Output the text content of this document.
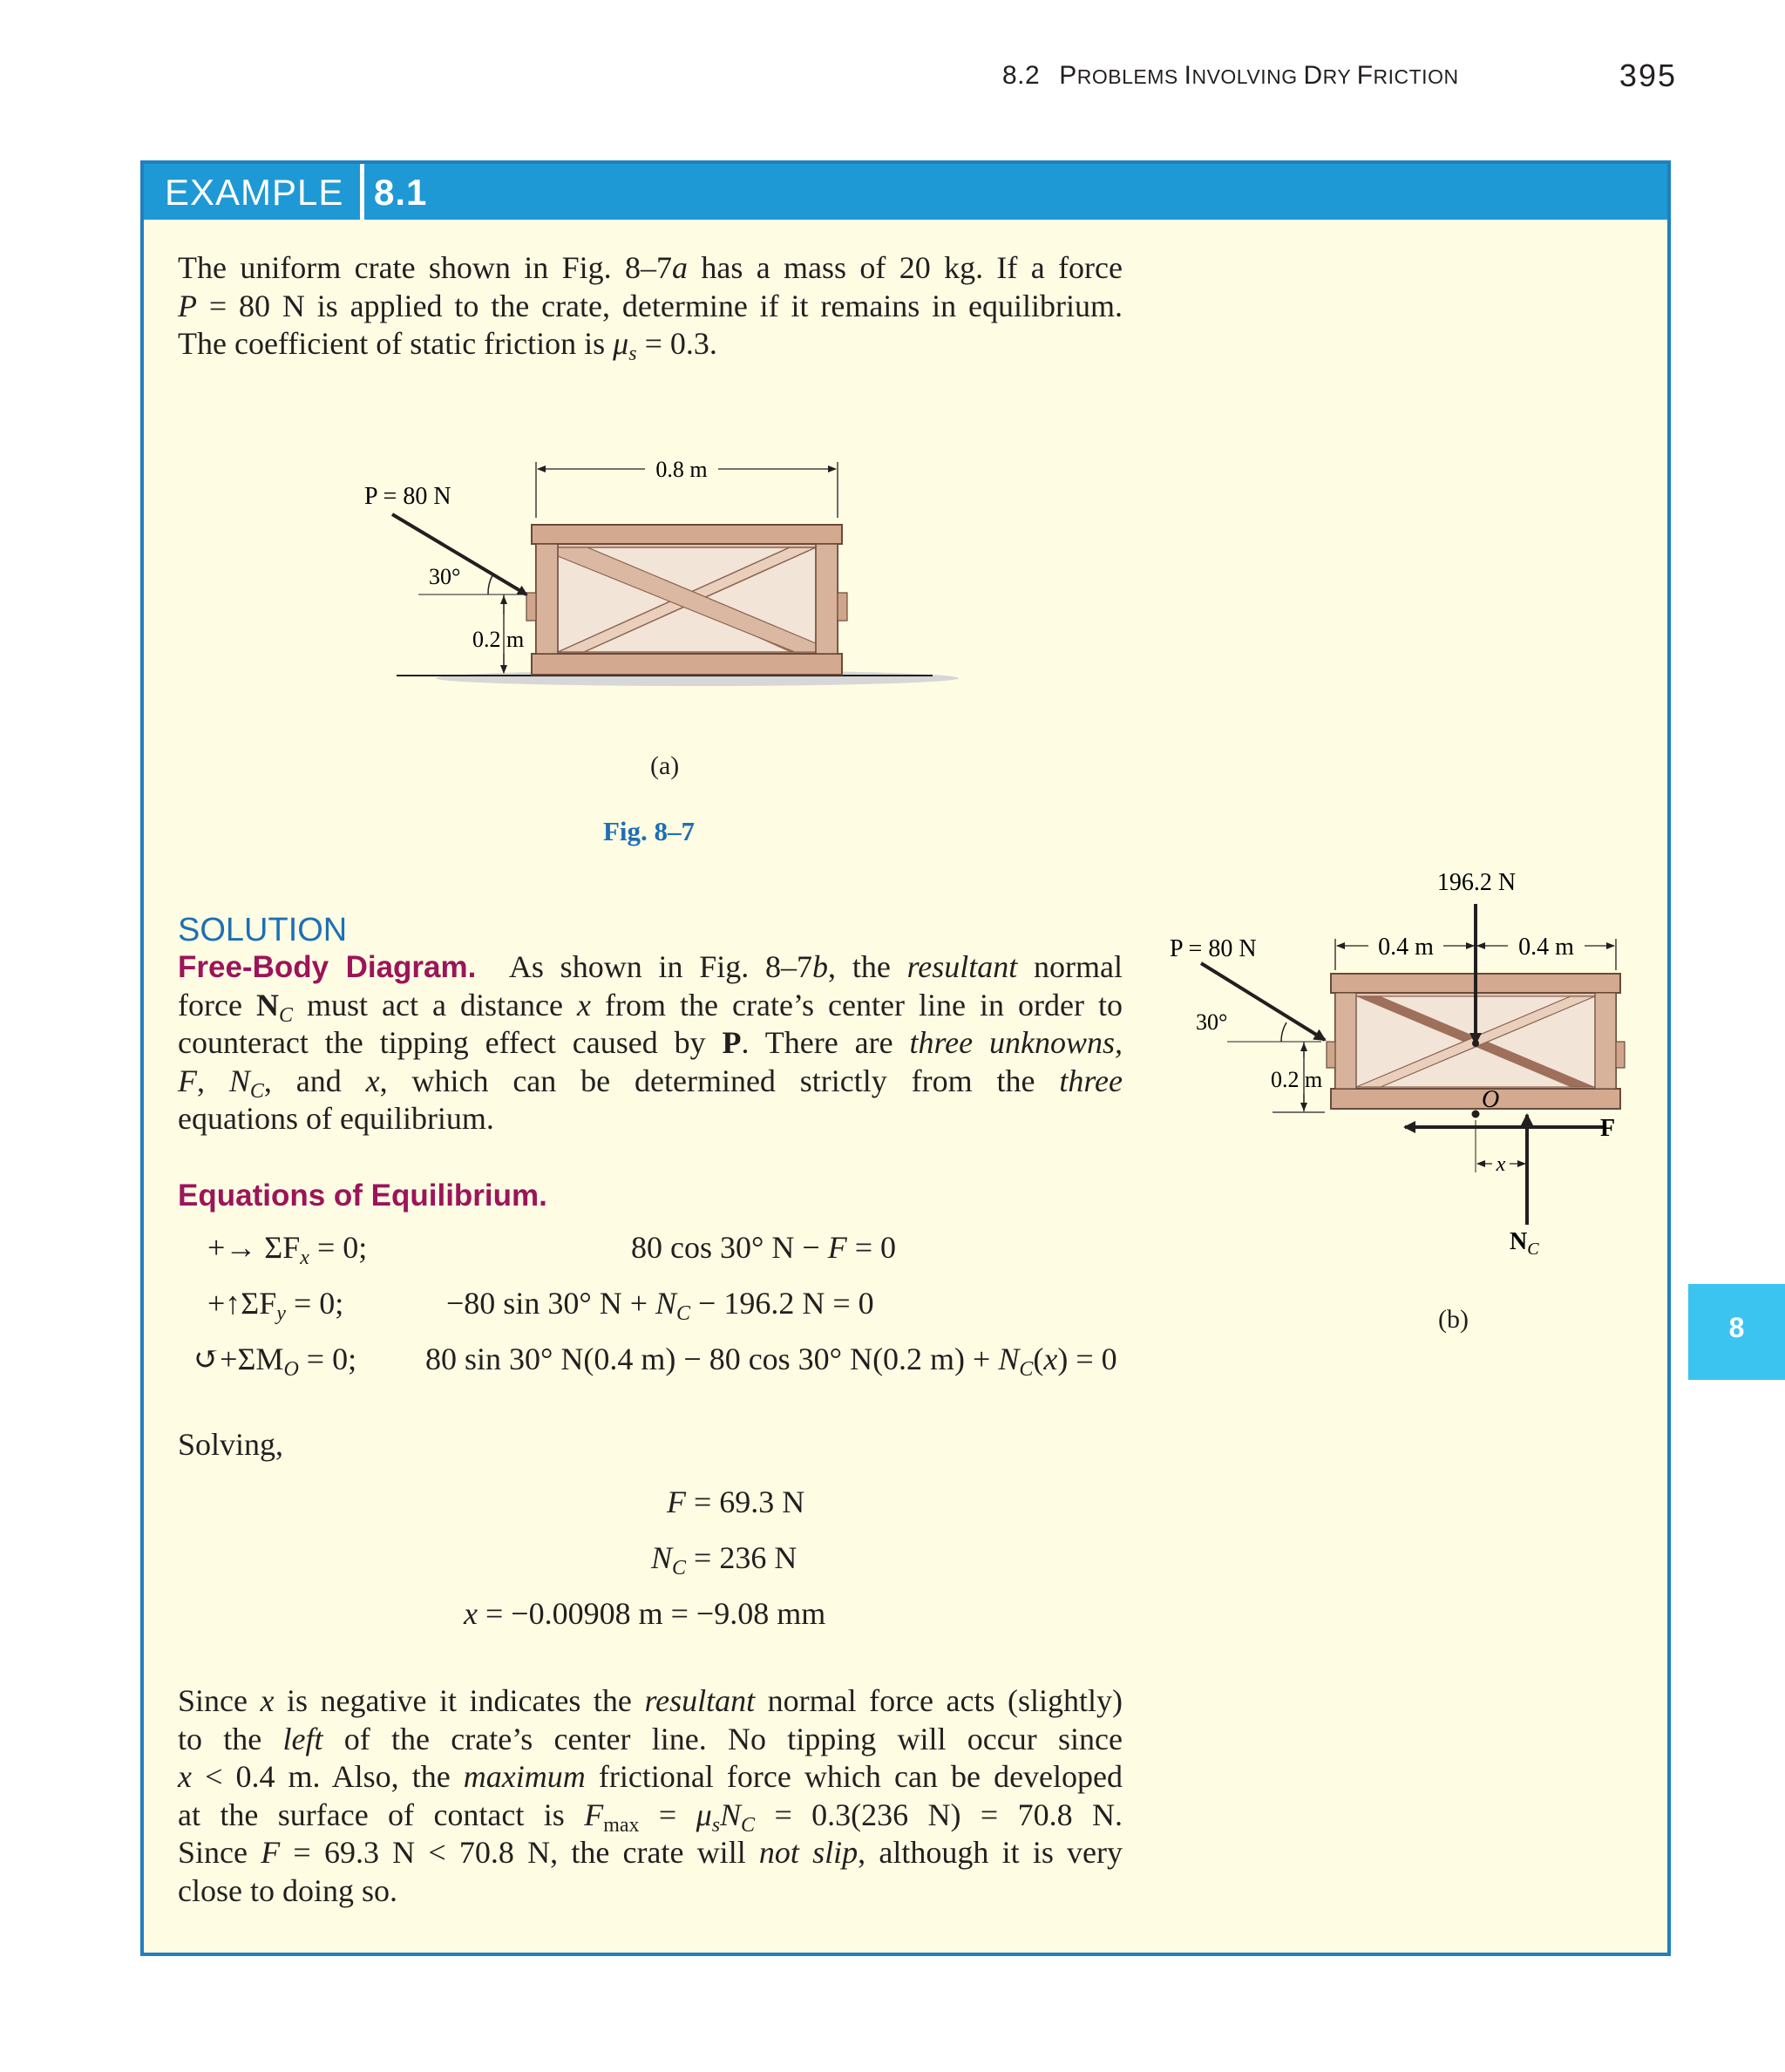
8.2 PROBLEMS INVOLVING DRY FRICTION	395
EXAMPLE 8.1
The uniform crate shown in Fig. 8–7a has a mass of 20 kg. If a force
P = 80 N is applied to the crate, determine if it remains in equilibrium.
The coefficient of static friction is $\mu_s = 0.3$.
P = 80 N
30°
0.2 m
0.8 m
(a)
Fig. 8–7
196.2 N
P = 80 N	0.4 m	0.4 m
30°
0.2 m
O
F
$N_C$
x
(b)
SOLUTION
Free-Body Diagram. As shown in Fig. 8–7b, the resultant normal
force $N_C$ must act a distance x from the crate’s center line in order to
counteract the tipping effect caused by P. There are three unknowns,
F, $N_C$, and x, which can be determined strictly from the three
equations of equilibrium.
Equations of Equilibrium.
+→ $\Sigma F_x = 0$;	80 cos 30° N − F = 0
$+↑\Sigma F_y = 0$;	−80 sin 30° $N + N_C - 196.2$ N = 0
$↺+\Sigma M_O = 0$; 80 sin 30° N(0.4 m) − 80 cos 30° N(0.2 $m) + N_C(x) = 0$
Solving,
F = 69.3 N
$N_C = 236$ N
x = −0.00908 m = −9.08 mm
Since x is negative it indicates the resultant normal force acts (slightly)
to the left of the crate’s center line. No tipping will occur since
x < 0.4 m. Also, the maximum frictional force which can be developed
at the surface of contact is $F_{max} = \mu_sN_C = 0.3(236$ N) = 70.8 N.
Since F = 69.3 N < 70.8 N, the crate will not slip, although it is very
close to doing so.
8
